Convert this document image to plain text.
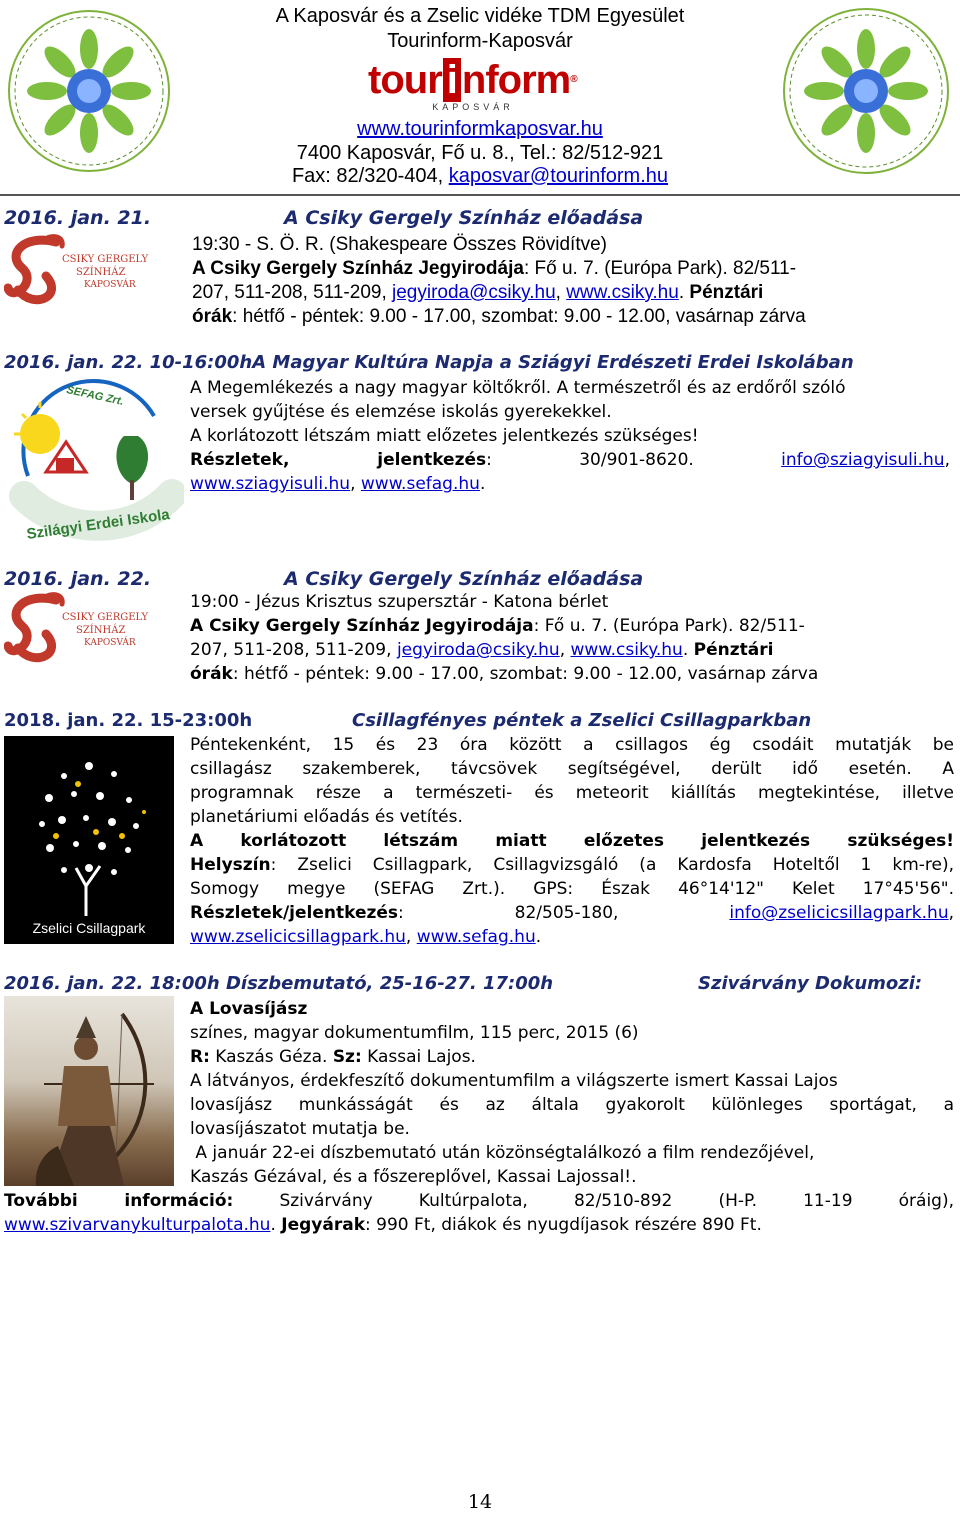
A Kaposvár és a Zselic vidéke TDM Egyesület
Tourinform-Kaposvár
tour i nform®
KAPOSVÁR
www.tourinformkaposvar.hu
7400 Kaposvár, Fő u. 8., Tel.: 82/512-921
Fax: 82/320-404, kaposvar@tourinform.hu
2016. jan. 21.	A Csiky Gergely Színház előadása
CSIKY GERGELY
SZÍNHÁZ
KAPOSVÁR
19:30 - S. Ö. R. (Shakespeare Összes Rövidítve)
A Csiky Gergely Színház Jegyirodája: Fő u. 7. (Európa Park). 82/511-
207, 511-208, 511-209, jegyiroda@csiky.hu, www.csiky.hu. Pénztári
órák: hétfő - péntek: 9.00 - 17.00, szombat: 9.00 - 12.00, vasárnap zárva
2016. jan. 22. 10-16:00hA Magyar Kultúra Napja a Sziágyi Erdészeti Erdei Iskolában
SEFAG Zrt.
Szilágyi Erdei Iskola
A Megemlékezés a nagy magyar költőkről. A természetről és az erdőről szóló
versek gyűjtése és elemzése iskolás gyerekekkel.
A korlátozott létszám miatt előzetes jelentkezés szükséges!
Részletek, jelentkezés: 30/901-8620. info@sziagyisuli.hu,
www.sziagyisuli.hu, www.sefag.hu.
2016. jan. 22.	A Csiky Gergely Színház előadása
CSIKY GERGELY
SZÍNHÁZ
KAPOSVÁR
19:00 - Jézus Krisztus szupersztár - Katona bérlet
A Csiky Gergely Színház Jegyirodája: Fő u. 7. (Európa Park). 82/511-
207, 511-208, 511-209, jegyiroda@csiky.hu, www.csiky.hu. Pénztári
órák: hétfő - péntek: 9.00 - 17.00, szombat: 9.00 - 12.00, vasárnap zárva
2018. jan. 22. 15-23:00h	Csillagfényes péntek a Zselici Csillagparkban
Zselici Csillagpark
Péntekenként, 15 és 23 óra között a csillagos ég csodáit mutatják be
csillagász szakemberek, távcsövek segítségével, derült idő esetén. A
programnak része a természeti- és meteorit kiállítás megtekintése, illetve
planetáriumi előadás és vetítés.
A korlátozott létszám miatt előzetes jelentkezés szükséges!
Helyszín: Zselici Csillagpark, Csillagvizsgáló (a Kardosfa Hoteltől 1 km-re),
Somogy megye (SEFAG Zrt.). GPS: Észak 46°14'12" Kelet 17°45'56".
Részletek/jelentkezés: 82/505-180, info@zselicicsillagpark.hu,
www.zselicicsillagpark.hu, www.sefag.hu.
2016. jan. 22. 18:00h Díszbemutató, 25-16-27. 17:00h	Szivárvány Dokumozi:
A Lovasíjász
színes, magyar dokumentumfilm, 115 perc, 2015 (6)
R: Kaszás Géza. Sz: Kassai Lajos.
A látványos, érdekfeszítő dokumentumfilm a világszerte ismert Kassai Lajos
lovasíjász munkásságát és az általa gyakorolt különleges sportágat, a
lovasíjászatot mutatja be.
A január 22-ei díszbemutató után közönségtalálkozó a film rendezőjével,
Kaszás Gézával, és a főszereplővel, Kassai Lajossal!.
További információ: Szivárvány Kultúrpalota, 82/510-892 (H-P. 11-19 óráig),
www.szivarvanykulturpalota.hu. Jegyárak: 990 Ft, diákok és nyugdíjasok részére 890 Ft.
14
